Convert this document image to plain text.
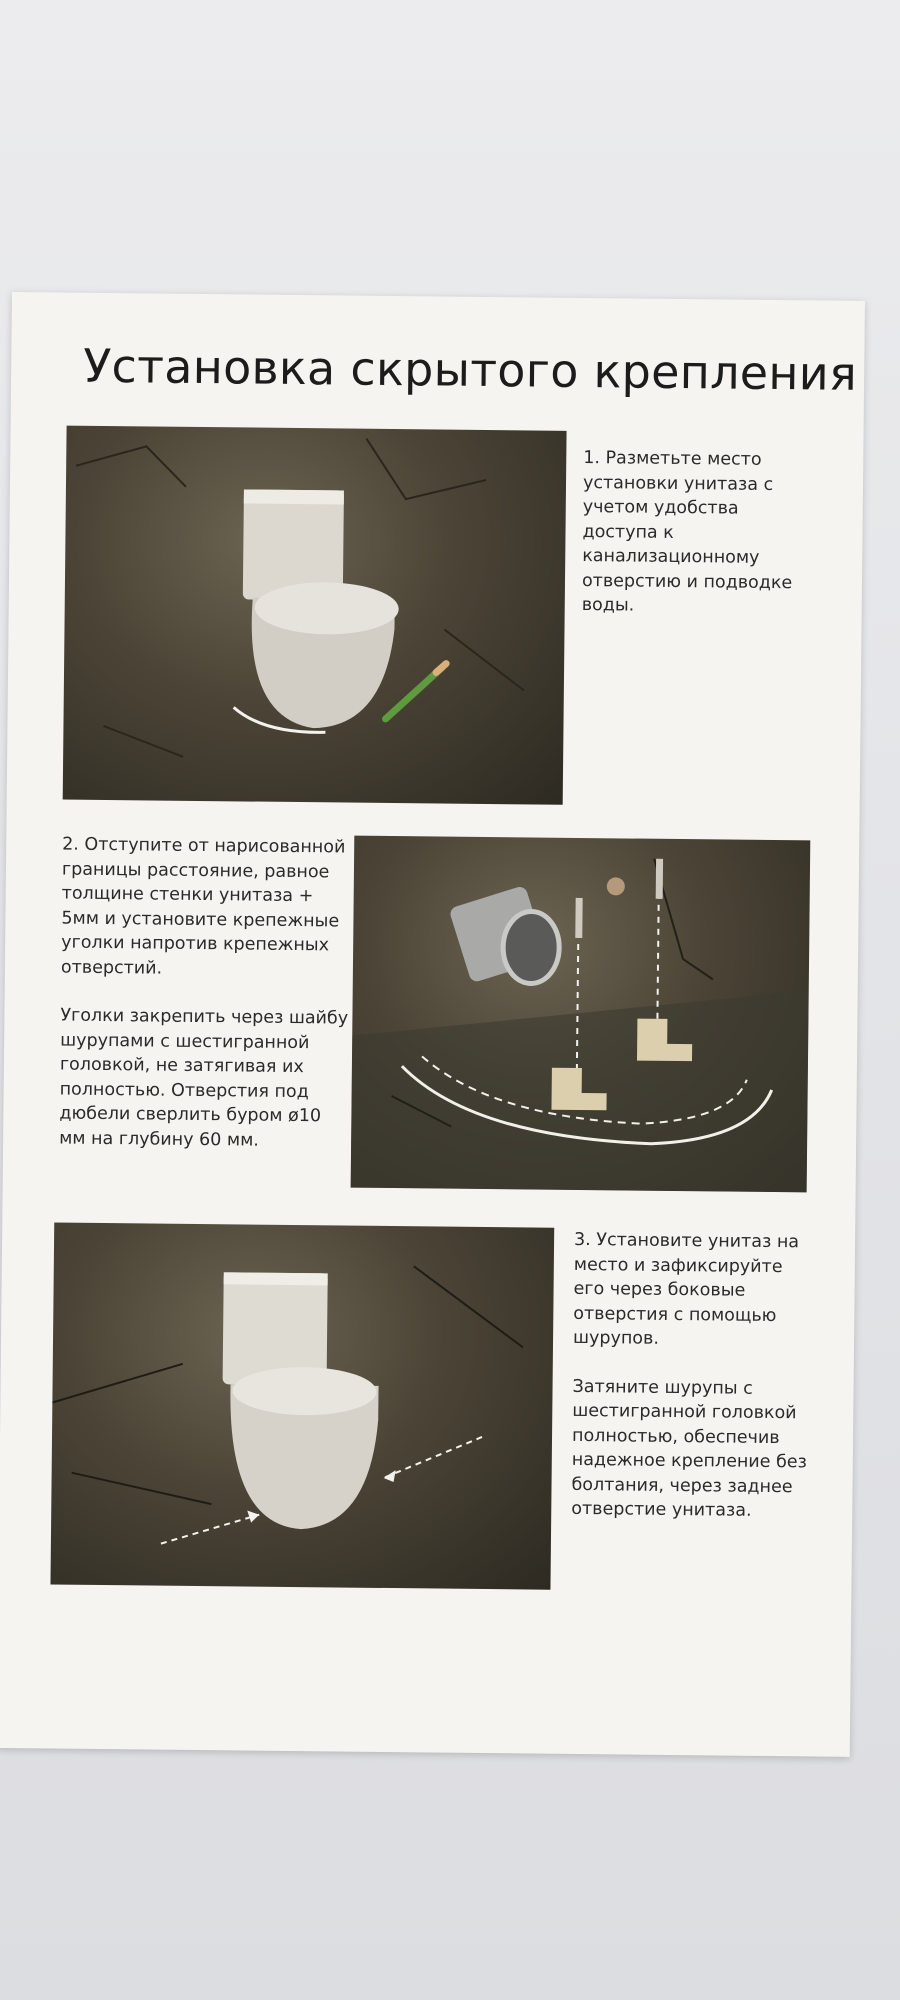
Установка скрытого крепления

1. Разметьте место установки унитаза с учетом удобства доступа к канализационному отверстию и подводке воды.

2. Отступите от нарисованной границы расстояние, равное толщине стенки унитаза + 5мм и установите крепежные уголки напротив крепежных отверстий.

Уголки закрепить через шайбу шурупами с шестигранной головкой, не затягивая их полностью. Отверстия под дюбели сверлить буром ø10 мм на глубину 60 мм.

3. Установите унитаз на место и зафиксируйте его через боковые отверстия с помощью шурупов.

Затяните шурупы с шестигранной головкой полностью, обеспечив надежное крепление без болтания, через заднее отверстие унитаза.
